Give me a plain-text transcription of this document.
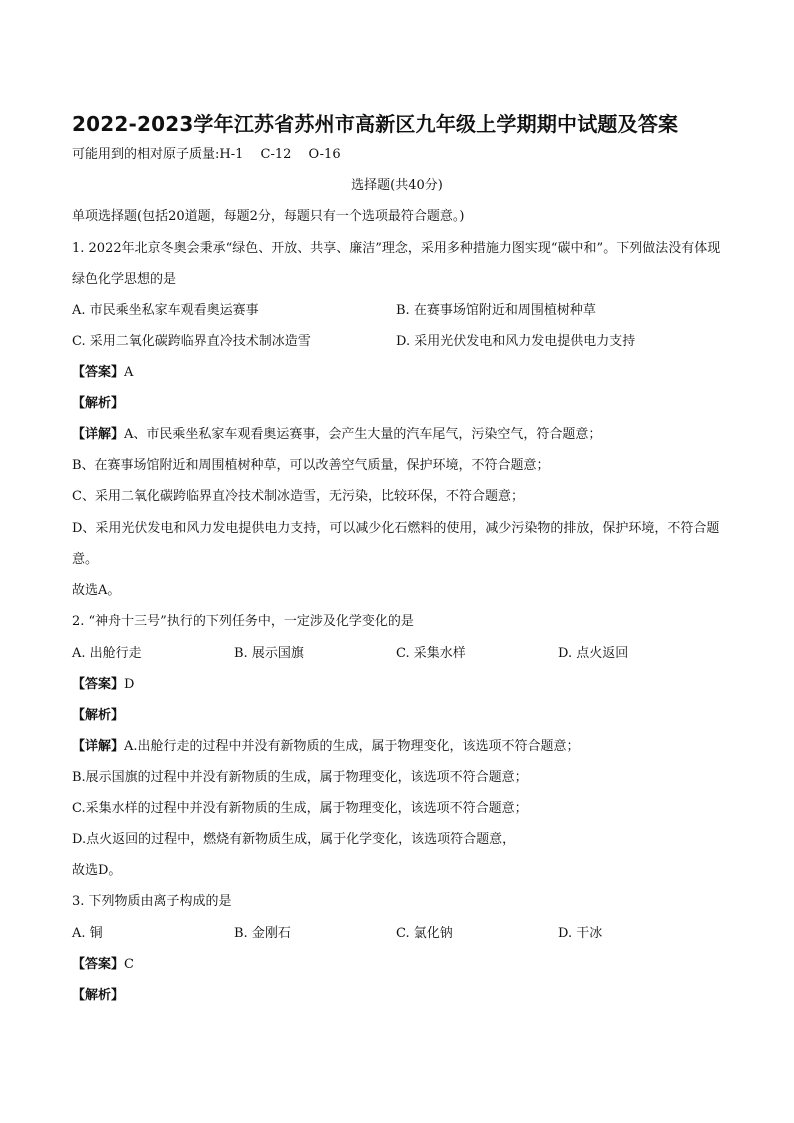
2022-2023学年江苏省苏州市高新区九年级上学期期中试题及答案
可能用到的相对原子质量:H-1　 C-12　 O-16
选择题(共40分)
单项选择题(包括20道题，每题2分，每题只有一个选项最符合题意。)
1. 2022年北京冬奥会秉承“绿色、开放、共享、廉洁”理念，采用多种措施力图实现“碳中和”。下列做法没有体现绿色化学思想的是
A. 市民乘坐私家车观看奥运赛事	B. 在赛事场馆附近和周围植树种草
C. 采用二氧化碳跨临界直冷技术制冰造雪	D. 采用光伏发电和风力发电提供电力支持
【答案】A
【解析】
【详解】A、市民乘坐私家车观看奥运赛事，会产生大量的汽车尾气，污染空气，符合题意；
B、在赛事场馆附近和周围植树种草，可以改善空气质量，保护环境，不符合题意；
C、采用二氧化碳跨临界直冷技术制冰造雪，无污染，比较环保，不符合题意；
D、采用光伏发电和风力发电提供电力支持，可以减少化石燃料的使用，减少污染物的排放，保护环境，不符合题意。
故选A。
2. “神舟十三号”执行的下列任务中，一定涉及化学变化的是
A. 出舱行走	B. 展示国旗	C. 采集水样	D. 点火返回
【答案】D
【解析】
【详解】A.出舱行走的过程中并没有新物质的生成，属于物理变化，该选项不符合题意；
B.展示国旗的过程中并没有新物质的生成，属于物理变化，该选项不符合题意；
C.采集水样的过程中并没有新物质的生成，属于物理变化，该选项不符合题意；
D.点火返回的过程中，燃烧有新物质生成，属于化学变化，该选项符合题意，
故选D。
3. 下列物质由离子构成的是
A. 铜	B. 金刚石	C. 氯化钠	D. 干冰
【答案】C
【解析】
